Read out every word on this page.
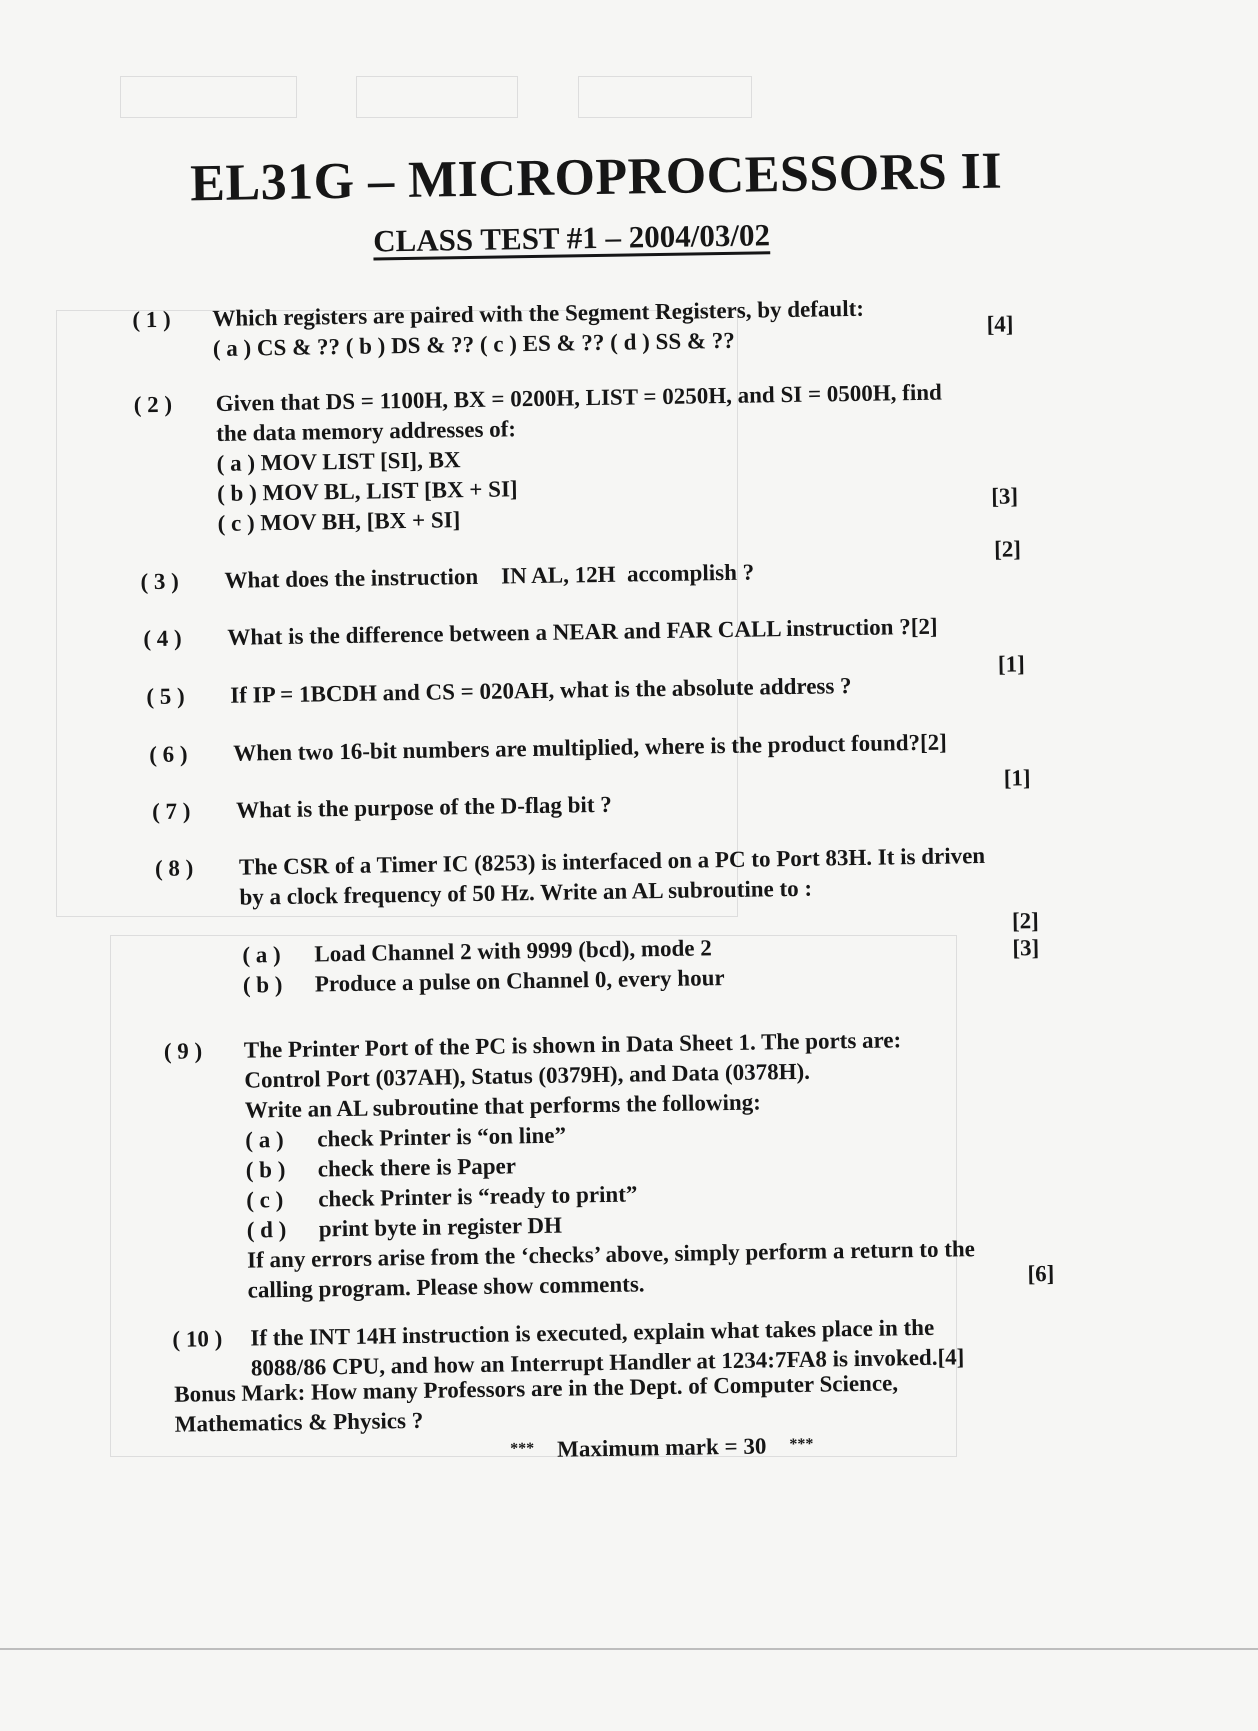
EL31G – MICROPROCESSORS II
CLASS TEST #1 – 2004/03/02
( 1 )	Which registers are paired with the Segment Registers, by default:
( a ) CS & ?? ( b ) DS & ?? ( c ) ES & ?? ( d ) SS & ??
[4]
( 2 )	Given that DS = 1100H, BX = 0200H, LIST = 0250H, and SI = 0500H, find
the data memory addresses of:
( a ) MOV LIST [SI], BX
( b ) MOV BL, LIST [BX + SI]
( c ) MOV BH, [BX + SI]
[3]
( 3 )	What does the instruction    IN AL, 12H  accomplish ?
[2]
( 4 )	What is the difference between a NEAR and FAR CALL instruction ?[2]
( 5 )	If IP = 1BCDH and CS = 020AH, what is the absolute address ?
[1]
( 6 )	When two 16-bit numbers are multiplied, where is the product found?[2]
( 7 )	What is the purpose of the D-flag bit ?
[1]
( 8 )	The CSR of a Timer IC (8253) is interfaced on a PC to Port 83H. It is driven
by a clock frequency of 50 Hz. Write an AL subroutine to :
( a ) Load Channel 2 with 9999 (bcd), mode 2
( b ) Produce a pulse on Channel 0, every hour
[2]
[3]
( 9 )	The Printer Port of the PC is shown in Data Sheet 1. The ports are:
Control Port (037AH), Status (0379H), and Data (0378H).
Write an AL subroutine that performs the following:
( a ) check Printer is “on line”
( b ) check there is Paper
( c ) check Printer is “ready to print”
( d ) print byte in register DH
If any errors arise from the ‘checks’ above, simply perform a return to the
calling program. Please show comments.	[6]
( 10 )	If the INT 14H instruction is executed, explain what takes place in the
8088/86 CPU, and how an Interrupt Handler at 1234:7FA8 is invoked.[4]
Bonus Mark: How many Professors are in the Dept. of Computer Science,
Mathematics & Physics ?
*** Maximum mark = 30 ***
